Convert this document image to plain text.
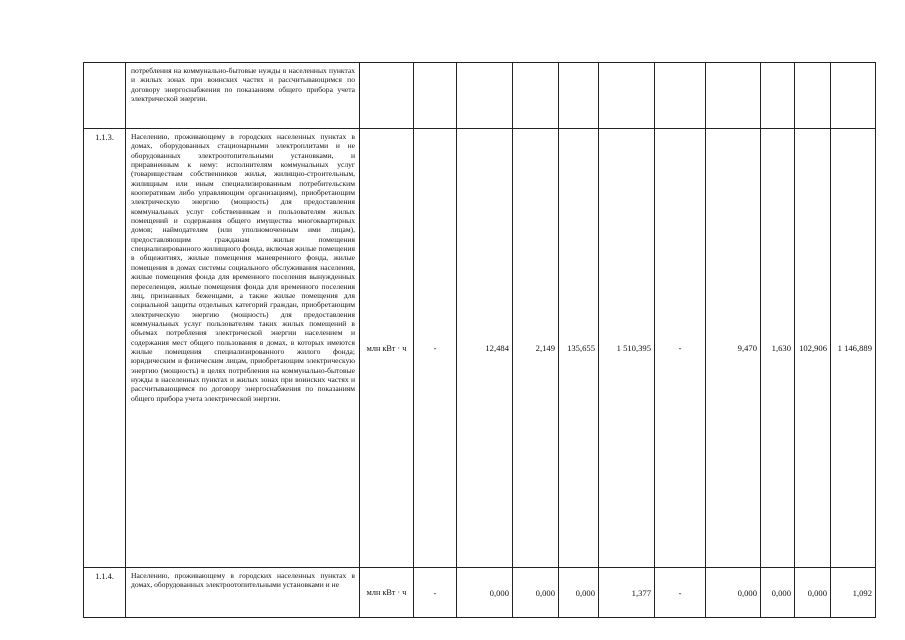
	потребления на коммунально-бытовые нужды в населенных пунктах и жилых зонах при воинских частях и рассчитывающимся по договору энергоснабжения по показаниям общего прибора учета электрической энергии.											

1.1.3.	Населению, проживающему в городских населенных пунктах в домах, оборудованных стационарными электроплитами и не оборудованных электроотопительными установками, и приравненным к нему: исполнителям коммунальных услуг (товариществам собственников жилья, жилищно-строительным, жилищным или иным специализированным потребительским кооперативам либо управляющим организациям), приобретающим электрическую энергию (мощность) для предоставления коммунальных услуг собственникам и пользователям жилых помещений и содержания общего имущества многоквартирных домов; наймодателям (или уполномоченным ими лицам), предоставляющим гражданам жилые помещения специализированного жилищного фонда, включая жилые помещения в общежитиях, жилые помещения маневренного фонда, жилые помещения в домах системы социального обслуживания населения, жилые помещения фонда для временного поселения вынужденных переселенцев, жилые помещения фонда для временного поселения лиц, признанных беженцами, а также жилые помещения для социальной защиты отдельных категорий граждан, приобретающим электрическую энергию (мощность) для предоставления коммунальных услуг пользователям таких жилых помещений в объемах потребления электрической энергии населением и содержания мест общего пользования в домах, в которых имеются жилые помещения специализированного жилого фонда; юридическим и физическим лицам, приобретающим электрическую энергию (мощность) в целях потребления на коммунально-бытовые нужды в населенных пунктах и жилых зонах при воинских частях и рассчитывающимся по договору энергоснабжения по показаниям общего прибора учета электрической энергии.	млн кВт · ч	-	12,484	2,149	135,655	1 510,395	-	9,470	1,630	102,906	1 146,889
1.1.4.	Населению, проживающему в городских населенных пунктах в домах, оборудованных электроотопительными установками и не	млн кВт · ч	-	0,000	0,000	0,000	1,377	-	0,000	0,000	0,000	1,092
